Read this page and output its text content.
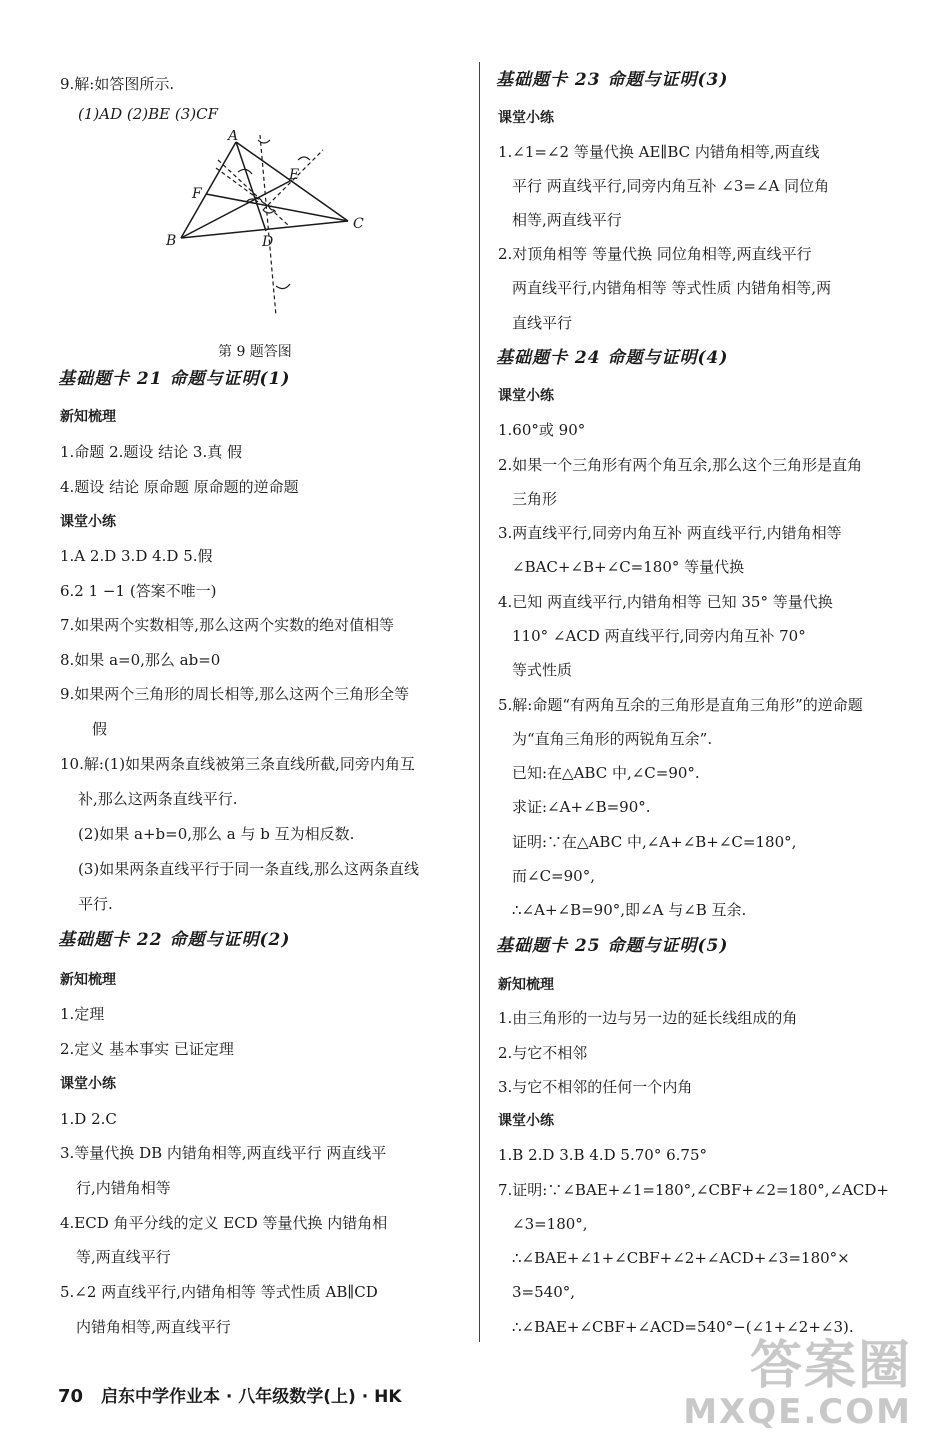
9.解:如答图所示.
(1)AD (2)BE (3)CF
A
B
C
D
E
F
第 9 题答图
基础题卡 21 命题与证明(1)
新知梳理
1.命题 2.题设 结论 3.真 假
4.题设 结论 原命题 原命题的逆命题
课堂小练
1.A 2.D 3.D 4.D 5.假
6.2 1 −1 (答案不唯一)
7.如果两个实数相等,那么这两个实数的绝对值相等
8.如果 a=0,那么 ab=0
9.如果两个三角形的周长相等,那么这两个三角形全等
假
10.解:(1)如果两条直线被第三条直线所截,同旁内角互
补,那么这两条直线平行.
(2)如果 a+b=0,那么 a 与 b 互为相反数.
(3)如果两条直线平行于同一条直线,那么这两条直线
平行.
基础题卡 22 命题与证明(2)
新知梳理
1.定理
2.定义 基本事实 已证定理
课堂小练
1.D 2.C
3.等量代换 DB 内错角相等,两直线平行 两直线平
行,内错角相等
4.ECD 角平分线的定义 ECD 等量代换 内错角相
等,两直线平行
5.∠2 两直线平行,内错角相等 等式性质 AB∥CD
内错角相等,两直线平行
基础题卡 23 命题与证明(3)
课堂小练
1.∠1=∠2 等量代换 AE∥BC 内错角相等,两直线
平行 两直线平行,同旁内角互补 ∠3=∠A 同位角
相等,两直线平行
2.对顶角相等 等量代换 同位角相等,两直线平行
两直线平行,内错角相等 等式性质 内错角相等,两
直线平行
基础题卡 24 命题与证明(4)
课堂小练
1.60°或 90°
2.如果一个三角形有两个角互余,那么这个三角形是直角
三角形
3.两直线平行,同旁内角互补 两直线平行,内错角相等
∠BAC+∠B+∠C=180° 等量代换
4.已知 两直线平行,内错角相等 已知 35° 等量代换
110° ∠ACD 两直线平行,同旁内角互补 70°
等式性质
5.解:命题“有两角互余的三角形是直角三角形”的逆命题
为“直角三角形的两锐角互余”.
已知:在△ABC 中,∠C=90°.
求证:∠A+∠B=90°.
证明:∵在△ABC 中,∠A+∠B+∠C=180°,
而∠C=90°,
∴∠A+∠B=90°,即∠A 与∠B 互余.
基础题卡 25 命题与证明(5)
新知梳理
1.由三角形的一边与另一边的延长线组成的角
2.与它不相邻
3.与它不相邻的任何一个内角
课堂小练
1.B 2.D 3.B 4.D 5.70° 6.75°
7.证明:∵∠BAE+∠1=180°,∠CBF+∠2=180°,∠ACD+
∠3=180°,
∴∠BAE+∠1+∠CBF+∠2+∠ACD+∠3=180°×
3=540°,
∴∠BAE+∠CBF+∠ACD=540°−(∠1+∠2+∠3).
70 启东中学作业本 · 八年级数学(上) · HK
答案圈
MXQE.COM
